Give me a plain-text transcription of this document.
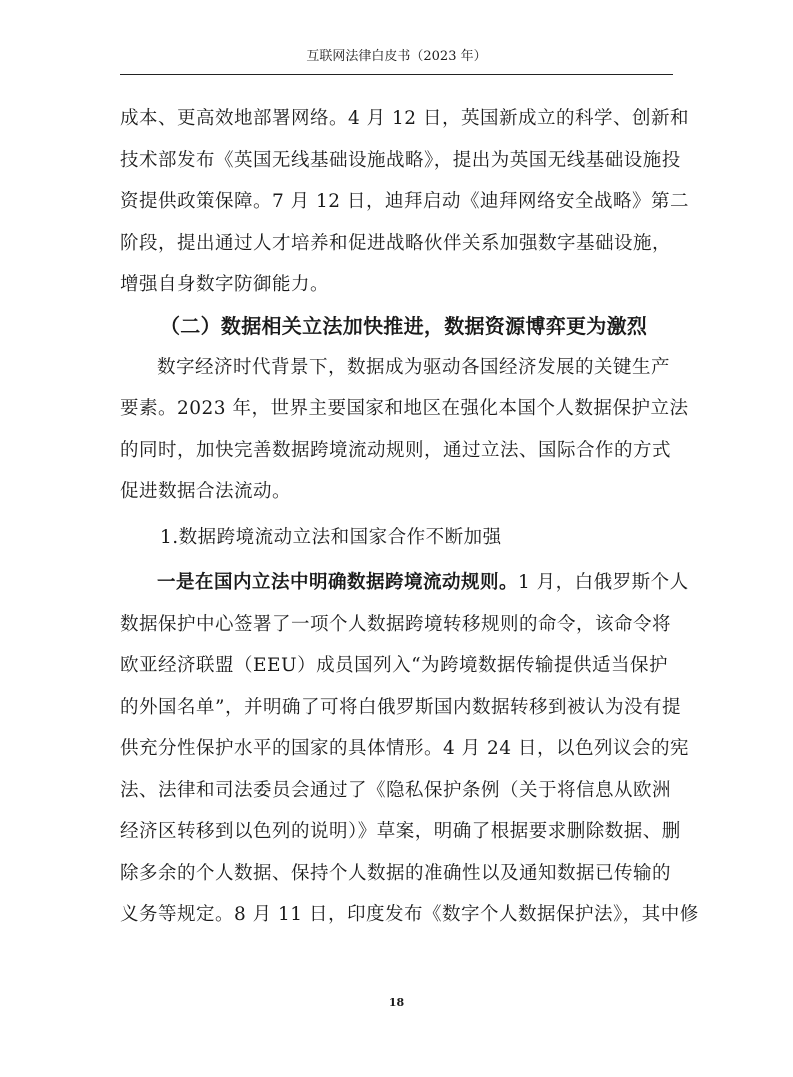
互联网法律白皮书（2023 年）

成本、更高效地部署网络。4 月 12 日，英国新成立的科学、创新和

技术部发布《英国无线基础设施战略》，提出为英国无线基础设施投

资提供政策保障。7 月 12 日，迪拜启动《迪拜网络安全战略》第二

阶段，提出通过人才培养和促进战略伙伴关系加强数字基础设施，

增强自身数字防御能力。

（二）数据相关立法加快推进，数据资源博弈更为激烈

数字经济时代背景下，数据成为驱动各国经济发展的关键生产

要素。2023 年，世界主要国家和地区在强化本国个人数据保护立法

的同时，加快完善数据跨境流动规则，通过立法、国际合作的方式

促进数据合法流动。

1.数据跨境流动立法和国家合作不断加强

一是在国内立法中明确数据跨境流动规则。1 月，白俄罗斯个人

数据保护中心签署了一项个人数据跨境转移规则的命令，该命令将

欧亚经济联盟（EEU）成员国列入“为跨境数据传输提供适当保护

的外国名单”，并明确了可将白俄罗斯国内数据转移到被认为没有提

供充分性保护水平的国家的具体情形。4 月 24 日，以色列议会的宪

法、法律和司法委员会通过了《隐私保护条例（关于将信息从欧洲

经济区转移到以色列的说明）》草案，明确了根据要求删除数据、删

除多余的个人数据、保持个人数据的准确性以及通知数据已传输的

义务等规定。8 月 11 日，印度发布《数字个人数据保护法》，其中修

18
